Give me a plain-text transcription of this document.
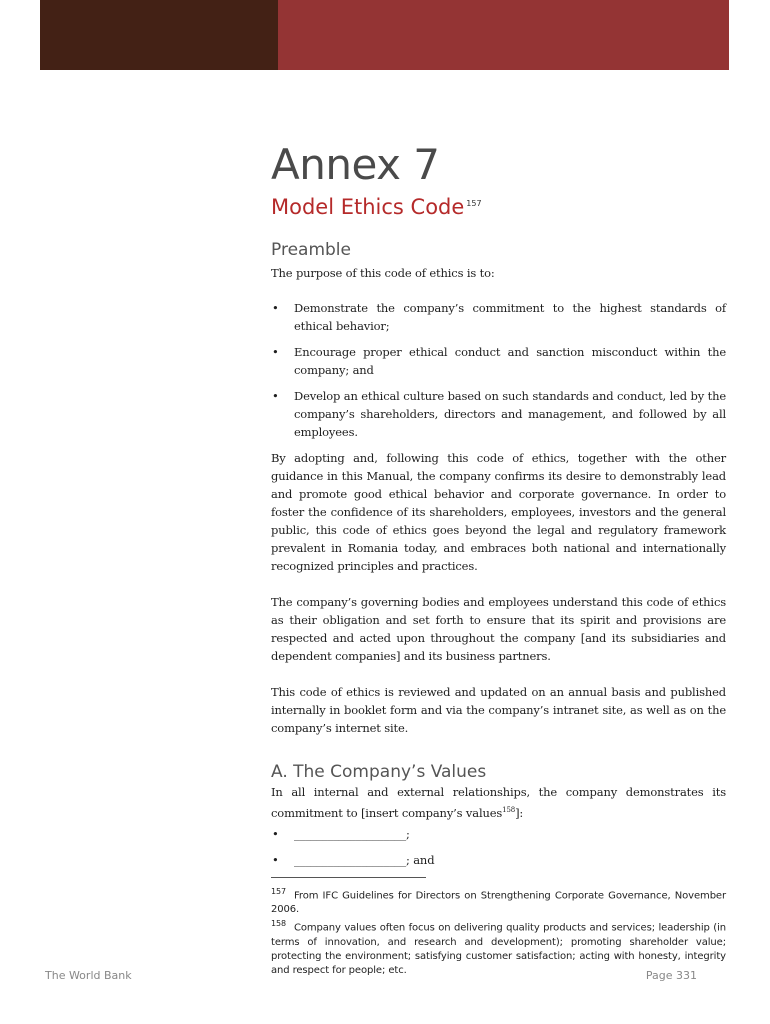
Annex 7
Model Ethics Code $^{157}$
Preamble

The purpose of this code of ethics is to:

• Demonstrate the company’s commitment to the highest standards of ethical behavior;
• Encourage proper ethical conduct and sanction misconduct within the company; and
• Develop an ethical culture based on such standards and conduct, led by the company’s shareholders, directors and management, and followed by all employees.

By adopting and, following this code of ethics, together with the other guidance in this Manual, the company confirms its desire to demonstrably lead and promote good ethical behavior and corporate governance. In order to foster the confidence of its shareholders, employees, investors and the general public, this code of ethics goes beyond the legal and regulatory framework prevalent in Romania today, and embraces both national and internationally recognized principles and practices.

The company’s governing bodies and employees understand this code of ethics as their obligation and set forth to ensure that its spirit and provisions are respected and acted upon throughout the company [and its subsidiaries and dependent companies] and its business partners.

This code of ethics is reviewed and updated on an annual basis and published internally in booklet form and via the company’s intranet site, as well as on the company’s internet site.

A. The Company’s Values

In all internal and external relationships, the company demonstrates its commitment to [insert company’s values$^{158}$]:

• ____________________;
• ____________________; and
$^{157}$ From IFC Guidelines for Directors on Strengthening Corporate Governance, November 2006.
$^{158}$ Company values often focus on delivering quality products and services; leadership (in terms of innovation, and research and development); promoting shareholder value; protecting the environment; satisfying customer satisfaction; acting with honesty, integrity and respect for people; etc.
The World Bank	Page 331
